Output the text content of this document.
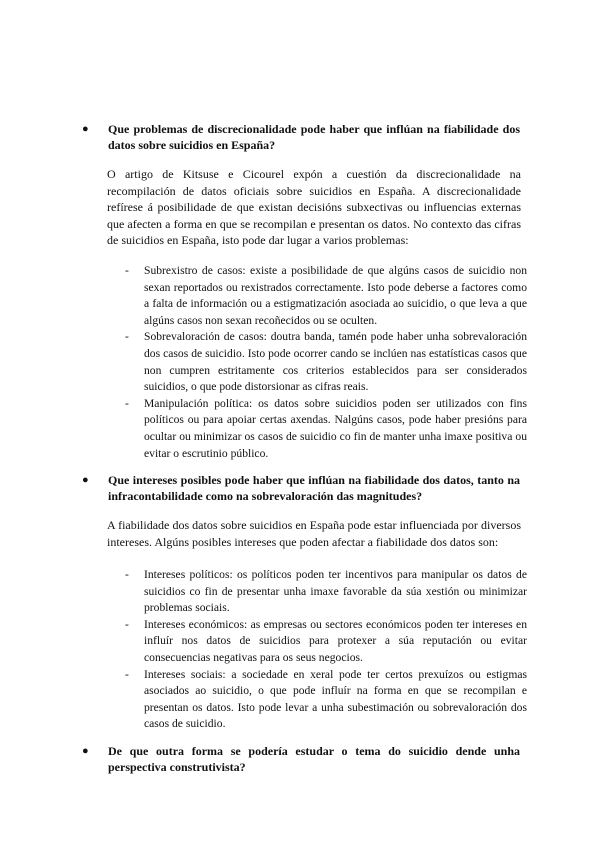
● Que problemas de discrecionalidade pode haber que inflúan na fiabilidade dos datos sobre suicidios en España?
O artigo de Kitsuse e Cicourel expón a cuestión da discrecionalidade na recompilación de datos oficiais sobre suicidios en España. A discrecionalidade refírese á posibilidade de que existan decisións subxectivas ou influencias externas que afecten a forma en que se recompilan e presentan os datos. No contexto das cifras de suicidios en España, isto pode dar lugar a varios problemas:
- Subrexistro de casos: existe a posibilidade de que algúns casos de suicidio non sexan reportados ou rexistrados correctamente. Isto pode deberse a factores como a falta de información ou a estigmatización asociada ao suicidio, o que leva a que algúns casos non sexan recoñecidos ou se oculten.
- Sobrevaloración de casos: doutra banda, tamén pode haber unha sobrevaloración dos casos de suicidio. Isto pode ocorrer cando se inclúen nas estatísticas casos que non cumpren estritamente cos criterios establecidos para ser considerados suicidios, o que pode distorsionar as cifras reais.
- Manipulación política: os datos sobre suicidios poden ser utilizados con fins políticos ou para apoiar certas axendas. Nalgúns casos, pode haber presións para ocultar ou minimizar os casos de suicidio co fin de manter unha imaxe positiva ou evitar o escrutinio público.
● Que intereses posibles pode haber que inflúan na fiabilidade dos datos, tanto na infracontabilidade como na sobrevaloración das magnitudes?
A fiabilidade dos datos sobre suicidios en España pode estar influenciada por diversos intereses. Algúns posibles intereses que poden afectar a fiabilidade dos datos son:
- Intereses políticos: os políticos poden ter incentivos para manipular os datos de suicidios co fin de presentar unha imaxe favorable da súa xestión ou minimizar problemas sociais.
- Intereses económicos: as empresas ou sectores económicos poden ter intereses en influír nos datos de suicidios para protexer a súa reputación ou evitar consecuencias negativas para os seus negocios.
- Intereses sociais: a sociedade en xeral pode ter certos prexuízos ou estigmas asociados ao suicidio, o que pode influír na forma en que se recompilan e presentan os datos. Isto pode levar a unha subestimación ou sobrevaloración dos casos de suicidio.
● De que outra forma se podería estudar o tema do suicidio dende unha perspectiva construtivista?
